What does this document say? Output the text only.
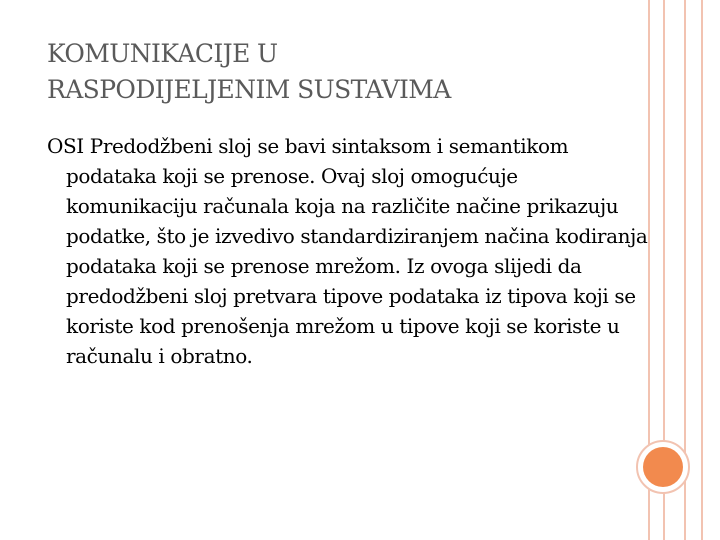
KOMUNIKACIJE U
RASPODIJELJENIM SUSTAVIMA

OSI Predodžbeni sloj se bavi sintaksom i semantikom podataka koji se prenose. Ovaj sloj omogućuje komunikaciju računala koja na različite načine prikazuju podatke, što je izvedivo standardiziranjem načina kodiranja podataka koji se prenose mrežom. Iz ovoga slijedi da predodžbeni sloj pretvara tipove podataka iz tipova koji se koriste kod prenošenja mrežom u tipove koji se koriste u računalu i obratno.
